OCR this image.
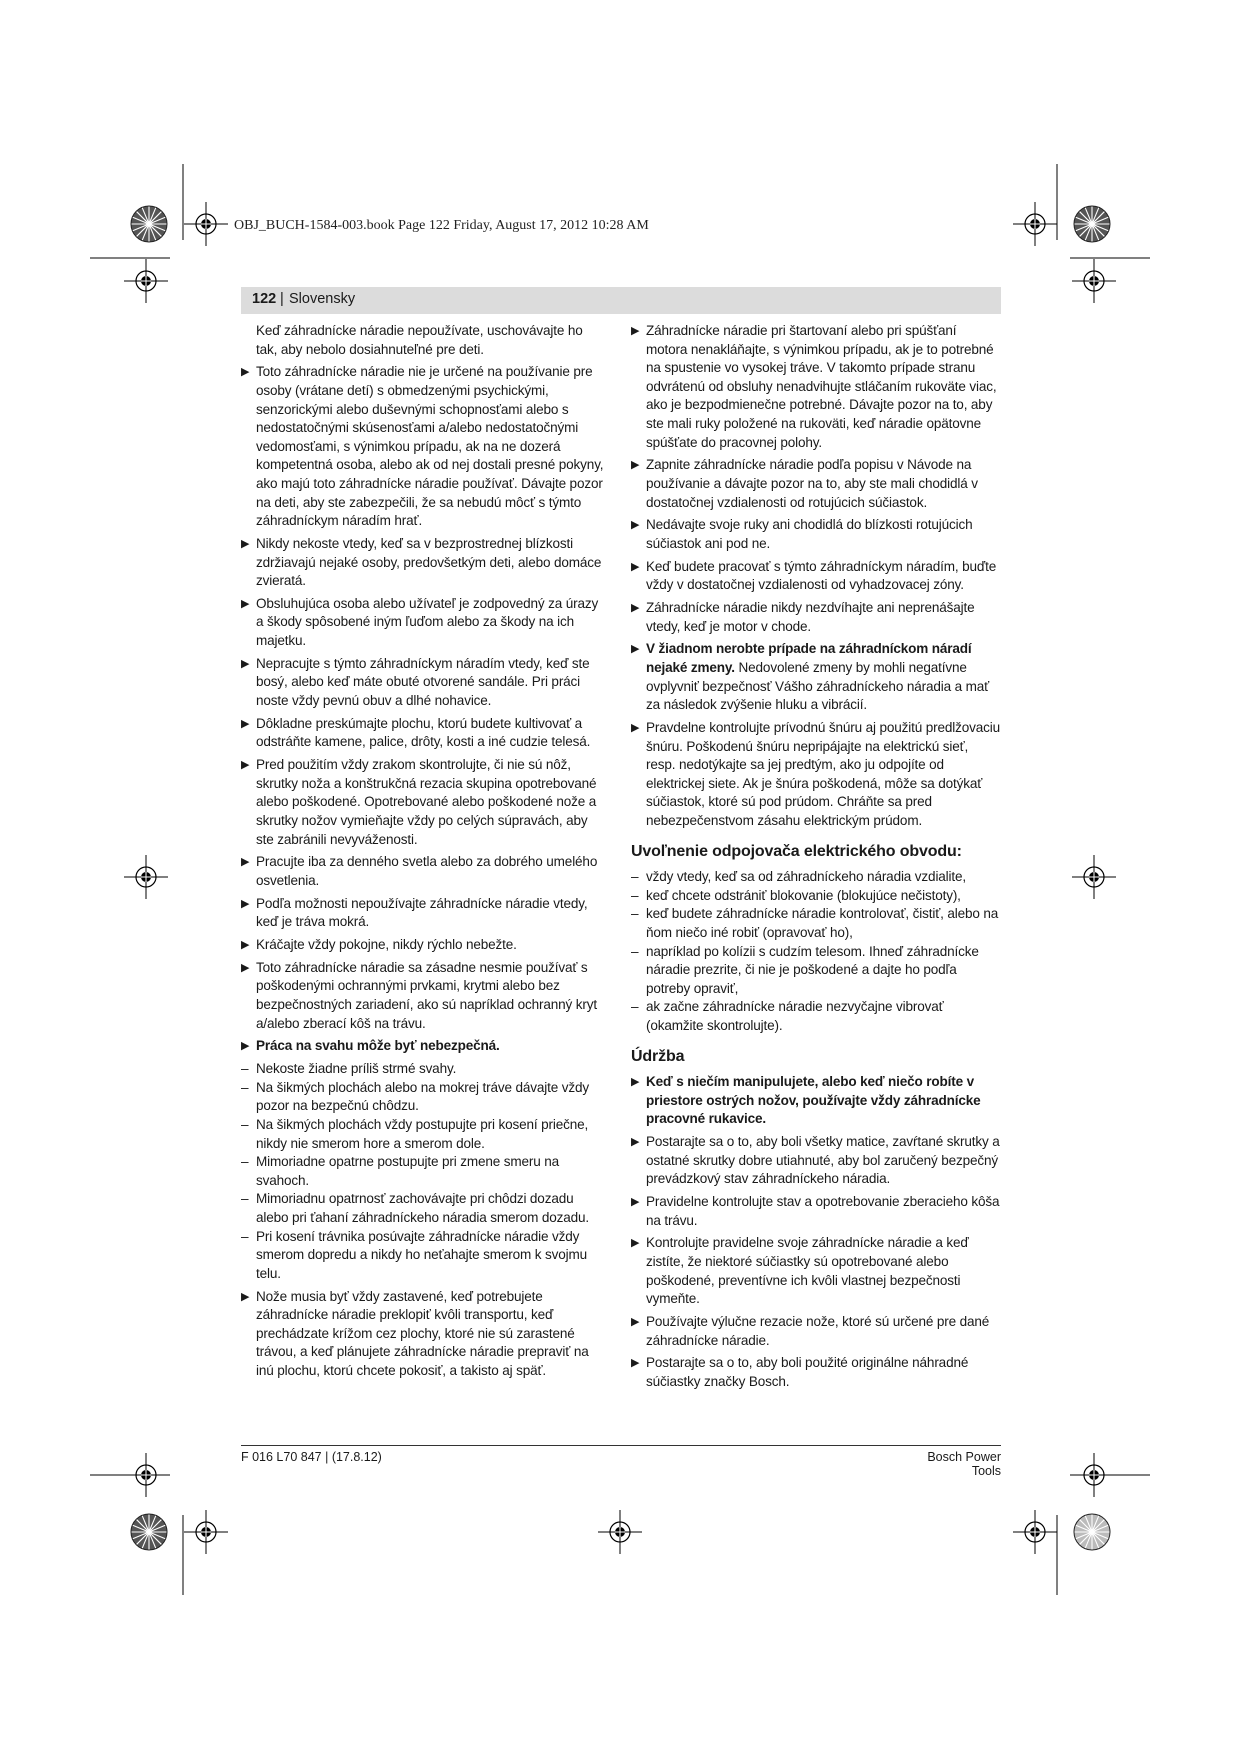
OBJ_BUCH-1584-003.book Page 122 Friday, August 17, 2012 10:28 AM
122 | Slovensky
Keď záhradnícke náradie nepoužívate, uschovávajte ho tak, aby nebolo dosiahnuteľné pre deti.
▶ Toto záhradnícke náradie nie je určené na používanie pre osoby (vrátane detí) s obmedzenými psychickými, senzorickými alebo duševnými schopnosťami alebo s nedostatočnými skúsenosťami a/alebo nedostatočnými vedomosťami, s výnimkou prípadu, ak na ne dozerá kompetentná osoba, alebo ak od nej dostali presné pokyny, ako majú toto záhradnícke náradie používať. Dávajte pozor na deti, aby ste zabezpečili, že sa nebudú môcť s týmto záhradníckym náradím hrať.
▶ Nikdy nekoste vtedy, keď sa v bezprostrednej blízkosti zdržiavajú nejaké osoby, predovšetkým deti, alebo domáce zvieratá.
▶ Obsluhujúca osoba alebo užívateľ je zodpovedný za úrazy a škody spôsobené iným ľuďom alebo za škody na ich majetku.
▶ Nepracujte s týmto záhradníckym náradím vtedy, keď ste bosý, alebo keď máte obuté otvorené sandále. Pri práci noste vždy pevnú obuv a dlhé nohavice.
▶ Dôkladne preskúmajte plochu, ktorú budete kultivovať a odstráňte kamene, palice, drôty, kosti a iné cudzie telesá.
▶ Pred použitím vždy zrakom skontrolujte, či nie sú nôž, skrutky noža a konštrukčná rezacia skupina opotrebované alebo poškodené. Opotrebované alebo poškodené nože a skrutky nožov vymieňajte vždy po celých súpravách, aby ste zabránili nevyváženosti.
▶ Pracujte iba za denného svetla alebo za dobrého umelého osvetlenia.
▶ Podľa možnosti nepoužívajte záhradnícke náradie vtedy, keď je tráva mokrá.
▶ Kráčajte vždy pokojne, nikdy rýchlo nebežte.
▶ Toto záhradnícke náradie sa zásadne nesmie používať s poškodenými ochrannými prvkami, krytmi alebo bez bezpečnostných zariadení, ako sú napríklad ochranný kryt a/alebo zberací kôš na trávu.
▶ Práca na svahu môže byť nebezpečná.
– Nekoste žiadne príliš strmé svahy.
– Na šikmých plochách alebo na mokrej tráve dávajte vždy pozor na bezpečnú chôdzu.
– Na šikmých plochách vždy postupujte pri kosení priečne, nikdy nie smerom hore a smerom dole.
– Mimoriadne opatrne postupujte pri zmene smeru na svahoch.
– Mimoriadnu opatrnosť zachovávajte pri chôdzi dozadu alebo pri ťahaní záhradníckeho náradia smerom dozadu.
– Pri kosení trávnika posúvajte záhradnícke náradie vždy smerom dopredu a nikdy ho neťahajte smerom k svojmu telu.
▶ Nože musia byť vždy zastavené, keď potrebujete záhradnícke náradie preklopiť kvôli transportu, keď prechádzate krížom cez plochy, ktoré nie sú zarastené trávou, a keď plánujete záhradnícke náradie prepraviť na inú plochu, ktorú chcete pokosiť, a takisto aj späť.
▶ Záhradnícke náradie pri štartovaní alebo pri spúšťaní motora nenakláňajte, s výnimkou prípadu, ak je to potrebné na spustenie vo vysokej tráve. V takomto prípade stranu odvrátenú od obsluhy nenadvihujte stláčaním rukoväte viac, ako je bezpodmienečne potrebné. Dávajte pozor na to, aby ste mali ruky položené na rukoväti, keď náradie opätovne spúšťate do pracovnej polohy.
▶ Zapnite záhradnícke náradie podľa popisu v Návode na používanie a dávajte pozor na to, aby ste mali chodidlá v dostatočnej vzdialenosti od rotujúcich súčiastok.
▶ Nedávajte svoje ruky ani chodidlá do blízkosti rotujúcich súčiastok ani pod ne.
▶ Keď budete pracovať s týmto záhradníckym náradím, buďte vždy v dostatočnej vzdialenosti od vyhadzovacej zóny.
▶ Záhradnícke náradie nikdy nezdvíhajte ani neprenášajte vtedy, keď je motor v chode.
▶ V žiadnom nerobte prípade na záhradníckom náradí nejaké zmeny. Nedovolené zmeny by mohli negatívne ovplyvniť bezpečnosť Vášho záhradníckeho náradia a mať za následok zvýšenie hluku a vibrácií.
▶ Pravdelne kontrolujte prívodnú šnúru aj použitú predlžovaciu šnúru. Poškodenú šnúru nepripájajte na elektrickú sieť, resp. nedotýkajte sa jej predtým, ako ju odpojíte od elektrickej siete. Ak je šnúra poškodená, môže sa dotýkať súčiastok, ktoré sú pod prúdom. Chráňte sa pred nebezpečenstvom zásahu elektrickým prúdom.
Uvoľnenie odpojovača elektrického obvodu:
– vždy vtedy, keď sa od záhradníckeho náradia vzdialite,
– keď chcete odstrániť blokovanie (blokujúce nečistoty),
– keď budete záhradnícke náradie kontrolovať, čistiť, alebo na ňom niečo iné robiť (opravovať ho),
– napríklad po kolízii s cudzím telesom. Ihneď záhradnícke náradie prezrite, či nie je poškodené a dajte ho podľa potreby opraviť,
– ak začne záhradnícke náradie nezvyčajne vibrovať (okamžite skontrolujte).
Údržba
▶ Keď s niečím manipulujete, alebo keď niečo robíte v priestore ostrých nožov, používajte vždy záhradnícke pracovné rukavice.
▶ Postarajte sa o to, aby boli všetky matice, zavŕtané skrutky a ostatné skrutky dobre utiahnuté, aby bol zaručený bezpečný prevádzkový stav záhradníckeho náradia.
▶ Pravidelne kontrolujte stav a opotrebovanie zberacieho kôša na trávu.
▶ Kontrolujte pravidelne svoje záhradnícke náradie a keď zistíte, že niektoré súčiastky sú opotrebované alebo poškodené, preventívne ich kvôli vlastnej bezpečnosti vymeňte.
▶ Používajte výlučne rezacie nože, ktoré sú určené pre dané záhradnícke náradie.
▶ Postarajte sa o to, aby boli použité originálne náhradné súčiastky značky Bosch.
F 016 L70 847 | (17.8.12)	Bosch Power Tools
